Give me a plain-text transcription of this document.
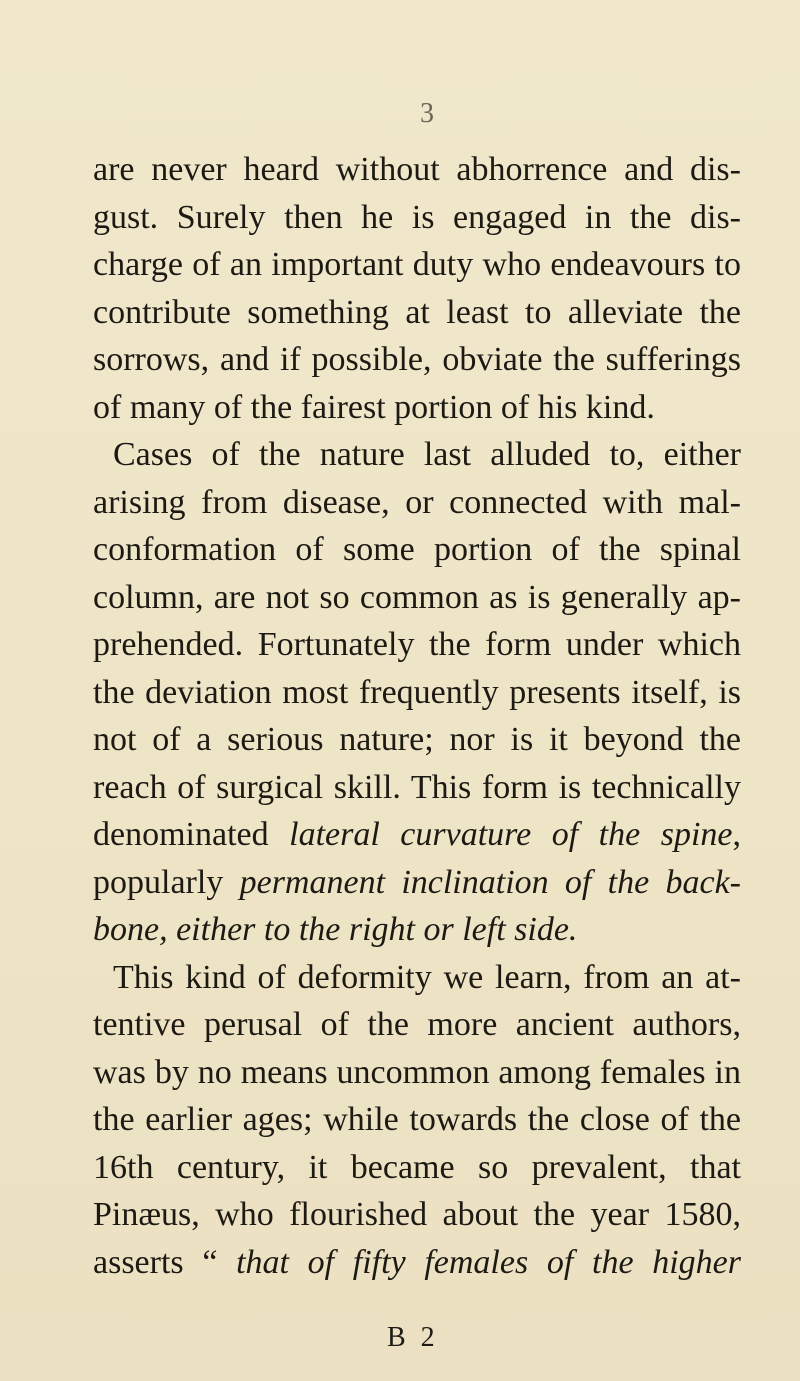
3
are never heard without abhorrence and dis-
gust. Surely then he is engaged in the dis-
charge of an important duty who endeavours to
contribute something at least to alleviate the
sorrows, and if possible, obviate the sufferings
of many of the fairest portion of his kind.
Cases of the nature last alluded to, either
arising from disease, or connected with mal-
conformation of some portion of the spinal
column, are not so common as is generally ap-
prehended. Fortunately the form under which
the deviation most frequently presents itself, is
not of a serious nature; nor is it beyond the
reach of surgical skill. This form is technically
denominated lateral curvature of the spine,
popularly permanent inclination of the back-
bone, either to the right or left side.
This kind of deformity we learn, from an at-
tentive perusal of the more ancient authors,
was by no means uncommon among females in
the earlier ages; while towards the close of the
16th century, it became so prevalent, that
Pinæus, who flourished about the year 1580,
asserts “ that of fifty females of the higher
B 2
